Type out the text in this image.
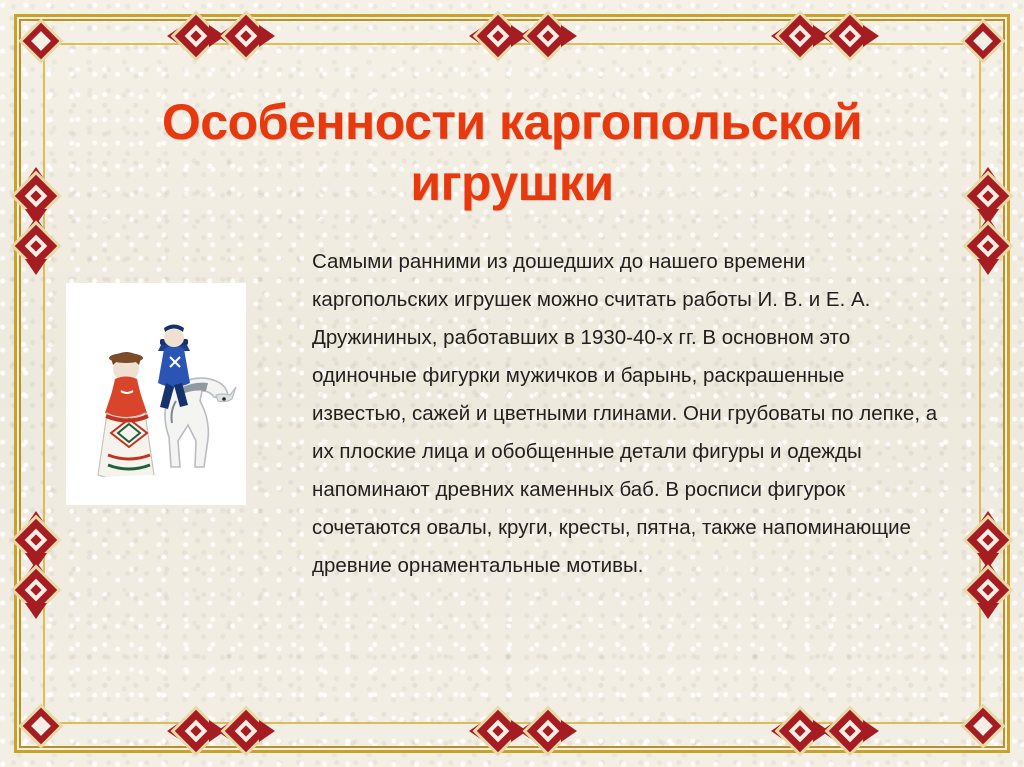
Особенности каргопольской игрушки
Самыми ранними из дошедших до нашего времени каргопольских игрушек можно считать работы И. В. и Е. А. Дружининых, работавших в 1930-40-х гг. В основном это одиночные фигурки мужичков и барынь, раскрашенные известью, сажей и цветными глинами. Они грубоваты по лепке, а их плоские лица и обобщенные детали фигуры и одежды напоминают древних каменных баб. В росписи фигурок сочетаются овалы, круги, кресты, пятна, также напоминающие древние орнаментальные мотивы.
